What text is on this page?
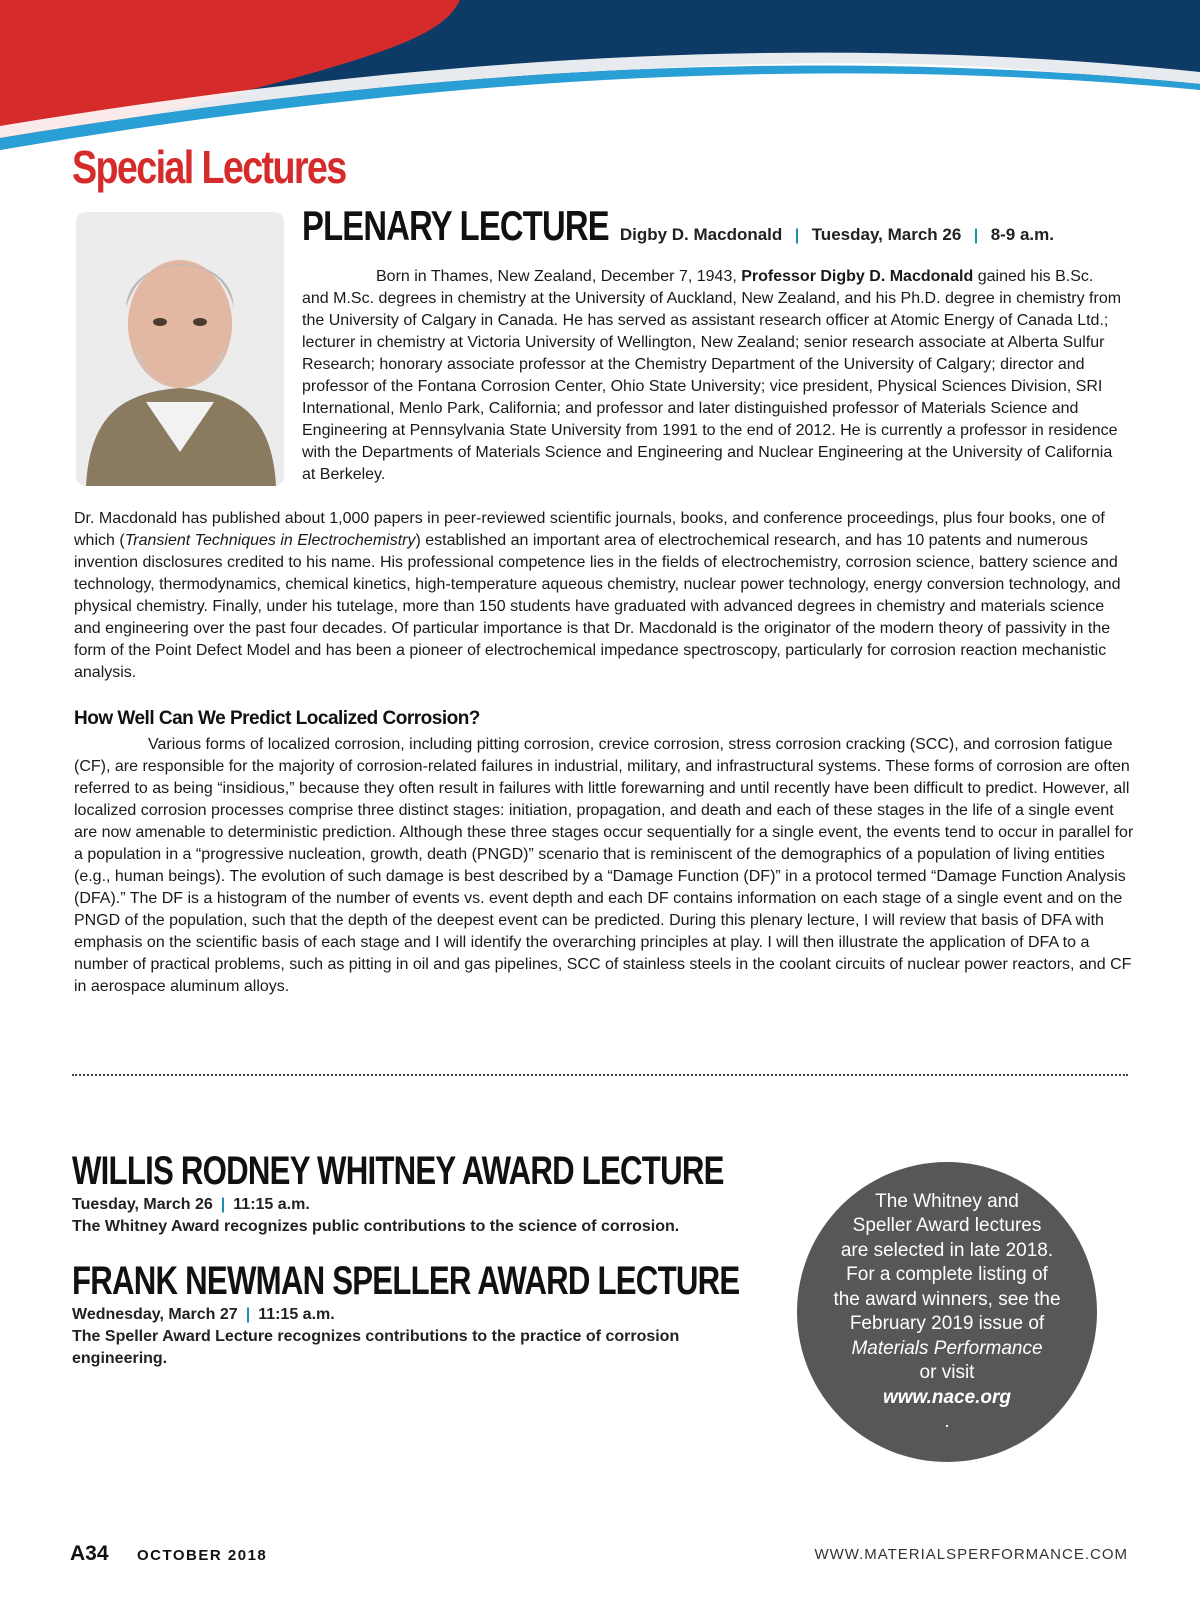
Special Lectures
PLENARY LECTURE Digby D. Macdonald | Tuesday, March 26 | 8-9 a.m.

Born in Thames, New Zealand, December 7, 1943, Professor Digby D. Macdonald gained his B.Sc. and M.Sc. degrees in chemistry at the University of Auckland, New Zealand, and his Ph.D. degree in chemistry from the University of Calgary in Canada. He has served as assistant research officer at Atomic Energy of Canada Ltd.; lecturer in chemistry at Victoria University of Wellington, New Zealand; senior research associate at Alberta Sulfur Research; honorary associate professor at the Chemistry Department of the University of Calgary; director and professor of the Fontana Corrosion Center, Ohio State University; vice president, Physical Sciences Division, SRI International, Menlo Park, California; and professor and later distinguished professor of Materials Science and Engineering at Pennsylvania State University from 1991 to the end of 2012. He is currently a professor in residence with the Departments of Materials Science and Engineering and Nuclear Engineering at the University of California at Berkeley.

Dr. Macdonald has published about 1,000 papers in peer-reviewed scientific journals, books, and conference proceedings, plus four books, one of which (Transient Techniques in Electrochemistry) established an important area of electrochemical research, and has 10 patents and numerous invention disclosures credited to his name. His professional competence lies in the fields of electrochemistry, corrosion science, battery science and technology, thermodynamics, chemical kinetics, high-temperature aqueous chemistry, nuclear power technology, energy conversion technology, and physical chemistry. Finally, under his tutelage, more than 150 students have graduated with advanced degrees in chemistry and materials science and engineering over the past four decades. Of particular importance is that Dr. Macdonald is the originator of the modern theory of passivity in the form of the Point Defect Model and has been a pioneer of electrochemical impedance spectroscopy, particularly for corrosion reaction mechanistic analysis.

How Well Can We Predict Localized Corrosion?

Various forms of localized corrosion, including pitting corrosion, crevice corrosion, stress corrosion cracking (SCC), and corrosion fatigue (CF), are responsible for the majority of corrosion-related failures in industrial, military, and infrastructural systems. These forms of corrosion are often referred to as being “insidious,” because they often result in failures with little forewarning and until recently have been difficult to predict. However, all localized corrosion processes comprise three distinct stages: initiation, propagation, and death and each of these stages in the life of a single event are now amenable to deterministic prediction. Although these three stages occur sequentially for a single event, the events tend to occur in parallel for a population in a “progressive nucleation, growth, death (PNGD)” scenario that is reminiscent of the demographics of a population of living entities (e.g., human beings). The evolution of such damage is best described by a “Damage Function (DF)” in a protocol termed “Damage Function Analysis (DFA).” The DF is a histogram of the number of events vs. event depth and each DF contains information on each stage of a single event and on the PNGD of the population, such that the depth of the deepest event can be predicted. During this plenary lecture, I will review that basis of DFA with emphasis on the scientific basis of each stage and I will identify the overarching principles at play. I will then illustrate the application of DFA to a number of practical problems, such as pitting in oil and gas pipelines, SCC of stainless steels in the coolant circuits of nuclear power reactors, and CF in aerospace aluminum alloys.

WILLIS RODNEY WHITNEY AWARD LECTURE

Tuesday, March 26 | 11:15 a.m.

The Whitney Award recognizes public contributions to the science of corrosion.

FRANK NEWMAN SPELLER AWARD LECTURE

Wednesday, March 27 | 11:15 a.m.

The Speller Award Lecture recognizes contributions to the practice of corrosion engineering.

The Whitney and
Speller Award lectures
are selected in late 2018.
For a complete listing of
the award winners, see the
February 2019 issue of
Materials Performance
or visit
www.nace.org
.
A34 OCTOBER 2018	WWW.MATERIALSPERFORMANCE.COM
